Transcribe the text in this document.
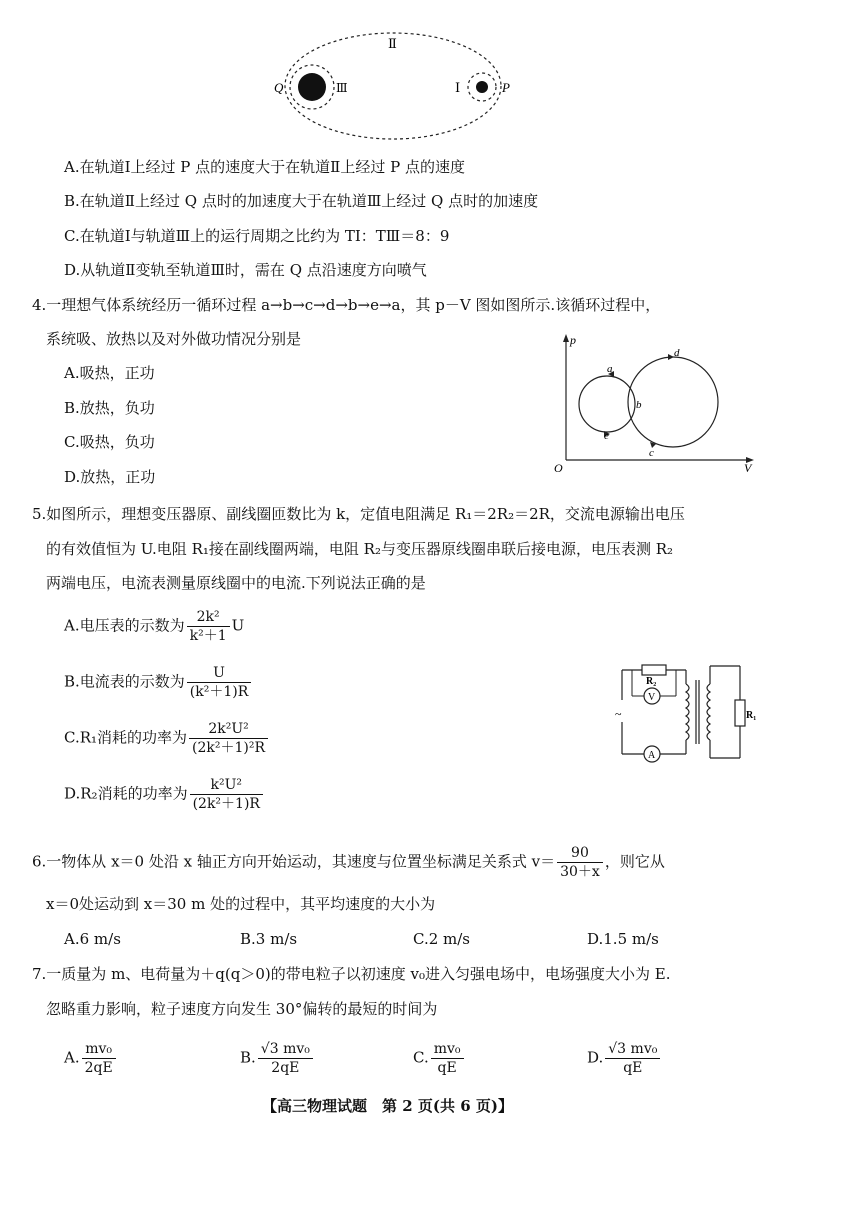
Ⅱ
Q	Ⅲ	Ⅰ	P
A.在轨道Ⅰ上经过 P 点的速度大于在轨道Ⅱ上经过 P 点的速度
B.在轨道Ⅱ上经过 Q 点时的加速度大于在轨道Ⅲ上经过 Q 点时的加速度
C.在轨道Ⅰ与轨道Ⅲ上的运行周期之比约为 TⅠ：TⅢ＝8：9
D.从轨道Ⅱ变轨至轨道Ⅲ时，需在 Q 点沿速度方向喷气
4.一理想气体系统经历一循环过程 a→b→c→d→b→e→a，其 p－V 图如图所示.该循环过程中，
系统吸、放热以及对外做功情况分别是
A.吸热，正功
B.放热，负功
C.吸热，负功
D.放热，正功
p
V
O
a
b
c
d
e
5.如图所示，理想变压器原、副线圈匝数比为 k，定值电阻满足 R₁＝2R₂＝2R，交流电源输出电压
的有效值恒为 U.电阻 R₁接在副线圈两端，电阻 R₂与变压器原线圈串联后接电源，电压表测 R₂
两端电压，电流表测量原线圈中的电流.下列说法正确的是
A.电压表的示数为 $\frac{\text{2k²}}{\text{k²＋1}}$ U
B.电流表的示数为 $\frac{U}{\text{(k²＋1)R}}$
C.R₁消耗的功率为 $\frac{\text{2k²U²}}{\text{(2k²＋1)²R}}$
D.R₂消耗的功率为 $\frac{\text{k²U²}}{\text{(2k²＋1)R}}$
R₂
V
~
A
R₁
6.一物体从 x＝0 处沿 x 轴正方向开始运动，其速度与位置坐标满足关系式 $v= \frac{90}{30+x}$ ，则它从
x＝0处运动到 x＝30 m 处的过程中，其平均速度的大小为
A.6 m/s	B.3 m/s	C.2 m/s	D.1.5 m/s
7.一质量为 m、电荷量为＋q(q＞0)的带电粒子以初速度 v₀进入匀强电场中，电场强度大小为 E.
忽略重力影响，粒子速度方向发生 30°偏转的最短的时间为
A. $\frac{\text{mv₀}}{2qE}$	B. $\frac{\text{√3 mv₀}}{2qE}$	C. $\frac{\text{mv₀}}{qE}$	D. $\frac{\text{√3 mv₀}}{qE}$
【高三物理试题　第 2 页(共 6 页)】
